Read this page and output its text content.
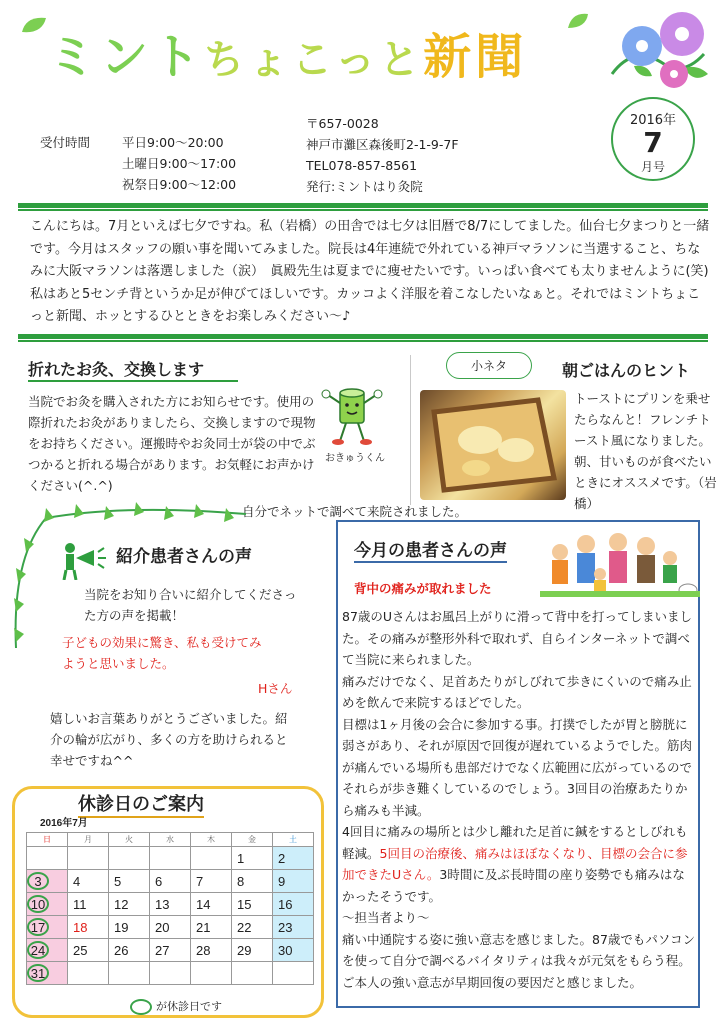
ミントちょこっと新聞
2016年
7
月号
受付時間	平日9:00～20:00
土曜日9:00～17:00
祝祭日9:00～12:00
〒657-0028
神戸市灘区森後町2-1-9-7F
TEL078-857-8561
発行:ミントはり灸院
こんにちは。7月といえば七夕ですね。私（岩橋）の田舎では七夕は旧暦で8/7にしてました。仙台七夕まつりと一緒です。今月はスタッフの願い事を聞いてみました。院長は4年連続で外れている神戸マラソンに当選すること、ちなみに大阪マラソンは落選しました（涙）　眞殿先生は夏までに痩せたいです。いっぱい食べても太りませんように(笑)　私はあと5センチ背というか足が伸びてほしいです。カッコよく洋服を着こなしたいなぁと。それではミントちょこっと新聞、ホッとするひとときをお楽しみください～♪
折れたお灸、交換します
当院でお灸を購入された方にお知らせです。使用の際折れたお灸がありましたら、交換しますので現物をお持ちください。運搬時やお灸同士が袋の中でぶつかると折れる場合があります。お気軽にお声かけください(^.^)
おきゅうくん
小ネタ	朝ごはんのヒント
トーストにプリンを乗せたらなんと！フレンチトースト風になりました。朝、甘いものが食べたいときにオススメです。（岩橋）
自分でネットで調べて来院されました。
紹介患者さんの声
当院をお知り合いに紹介してくださった方の声を掲載！
子どもの効果に驚き、私も受けてみようと思いました。
Hさん
嬉しいお言葉ありがとうございました。紹介の輪が広がり、多くの方を助けられると幸せですね^^
休診日のご案内
2016年7月
日	月	火	水	木	金	土
					1	2
3	4	5	6	7	8	9
10	11	12	13	14	15	16
17	18	19	20	21	22	23
24	25	26	27	28	29	30
31						
が休診日です
今月の患者さんの声
背中の痛みが取れました
87歳のUさんはお風呂上がりに滑って背中を打ってしまいました。その痛みが整形外科で取れず、自らインターネットで調べて当院に来られました。
痛みだけでなく、足首あたりがしびれて歩きにくいので痛み止めを飲んで来院するほどでした。
目標は1ヶ月後の会合に参加する事。打撲でしたが胃と膀胱に弱さがあり、それが原因で回復が遅れているようでした。筋肉が痛んでいる場所も患部だけでなく広範囲に広がっているのでそれらが歩き難くしているのでしょう。3回目の治療あたりから痛みも半減。
4回目に痛みの場所とは少し離れた足首に鍼をするとしびれも軽減。5回目の治療後、痛みはほぼなくなり、目標の会合に参加できたUさん。3時間に及ぶ長時間の座り姿勢でも痛みはなかったそうです。
～担当者より～
痛い中通院する姿に強い意志を感じました。87歳でもパソコンを使って自分で調べるバイタリティは我々が元気をもらう程。ご本人の強い意志が早期回復の要因だと感じました。
